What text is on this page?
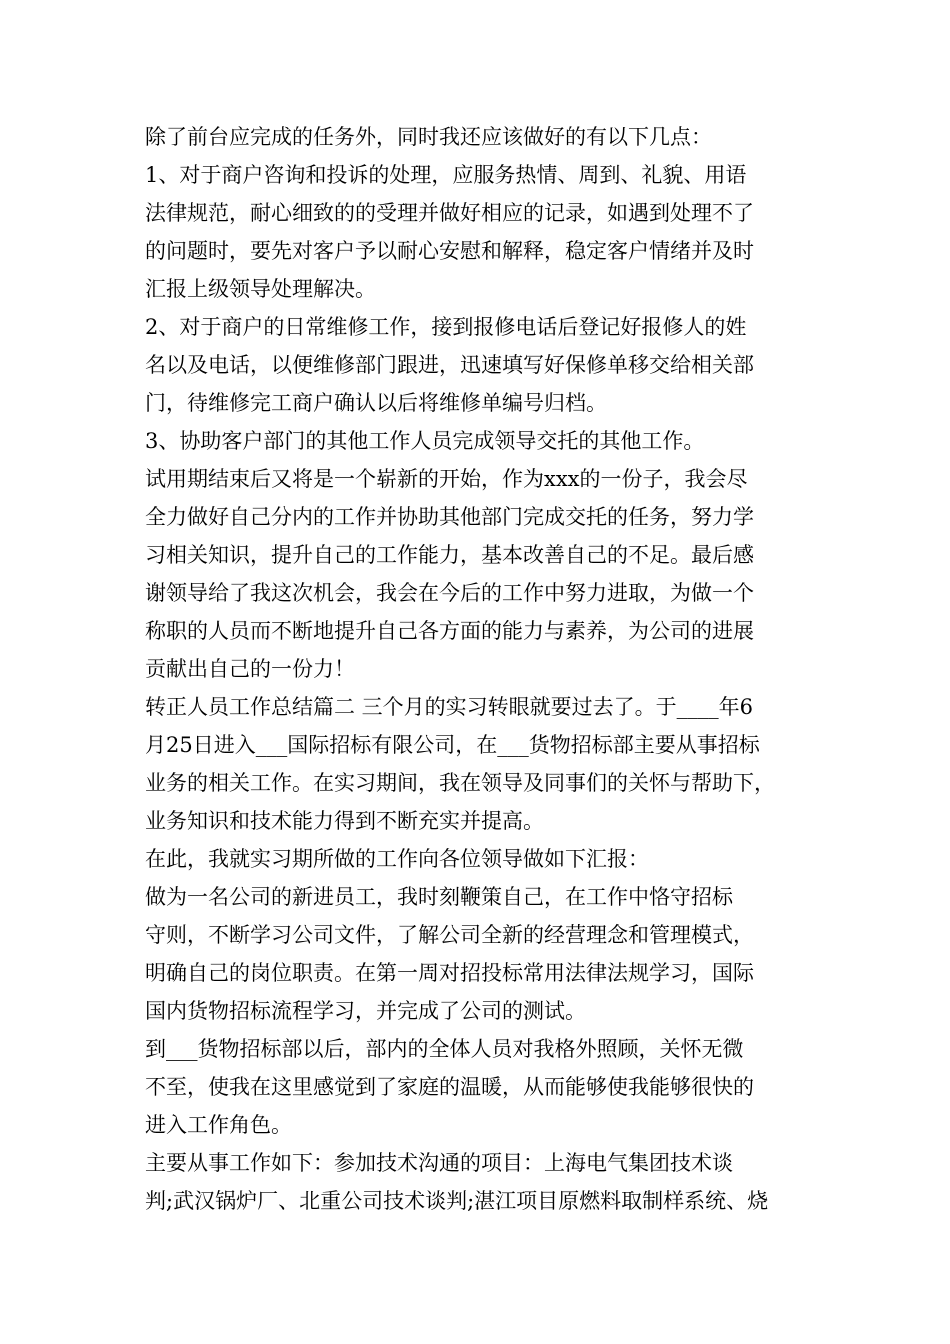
除了前台应完成的任务外，同时我还应该做好的有以下几点：
1、对于商户咨询和投诉的处理，应服务热情、周到、礼貌、用语
法律规范，耐心细致的的受理并做好相应的记录，如遇到处理不了
的问题时，要先对客户予以耐心安慰和解释，稳定客户情绪并及时
汇报上级领导处理解决。
2、对于商户的日常维修工作，接到报修电话后登记好报修人的姓
名以及电话，以便维修部门跟进，迅速填写好保修单移交给相关部
门，待维修完工商户确认以后将维修单编号归档。
3、协助客户部门的其他工作人员完成领导交托的其他工作。
试用期结束后又将是一个崭新的开始，作为xxx的一份子，我会尽
全力做好自己分内的工作并协助其他部门完成交托的任务，努力学
习相关知识，提升自己的工作能力，基本改善自己的不足。最后感
谢领导给了我这次机会，我会在今后的工作中努力进取，为做一个
称职的人员而不断地提升自己各方面的能力与素养，为公司的进展
贡献出自己的一份力！
转正人员工作总结篇二 三个月的实习转眼就要过去了。于____年6
月25日进入___国际招标有限公司，在___货物招标部主要从事招标
业务的相关工作。在实习期间，我在领导及同事们的关怀与帮助下，
业务知识和技术能力得到不断充实并提高。
在此，我就实习期所做的工作向各位领导做如下汇报：
做为一名公司的新进员工，我时刻鞭策自己，在工作中恪守招标
守则，不断学习公司文件，了解公司全新的经营理念和管理模式，
明确自己的岗位职责。在第一周对招投标常用法律法规学习，国际
国内货物招标流程学习，并完成了公司的测试。
到___货物招标部以后，部内的全体人员对我格外照顾，关怀无微
不至，使我在这里感觉到了家庭的温暖，从而能够使我能够很快的
进入工作角色。
主要从事工作如下：参加技术沟通的项目：上海电气集团技术谈
判;武汉锅炉厂、北重公司技术谈判;湛江项目原燃料取制样系统、烧
